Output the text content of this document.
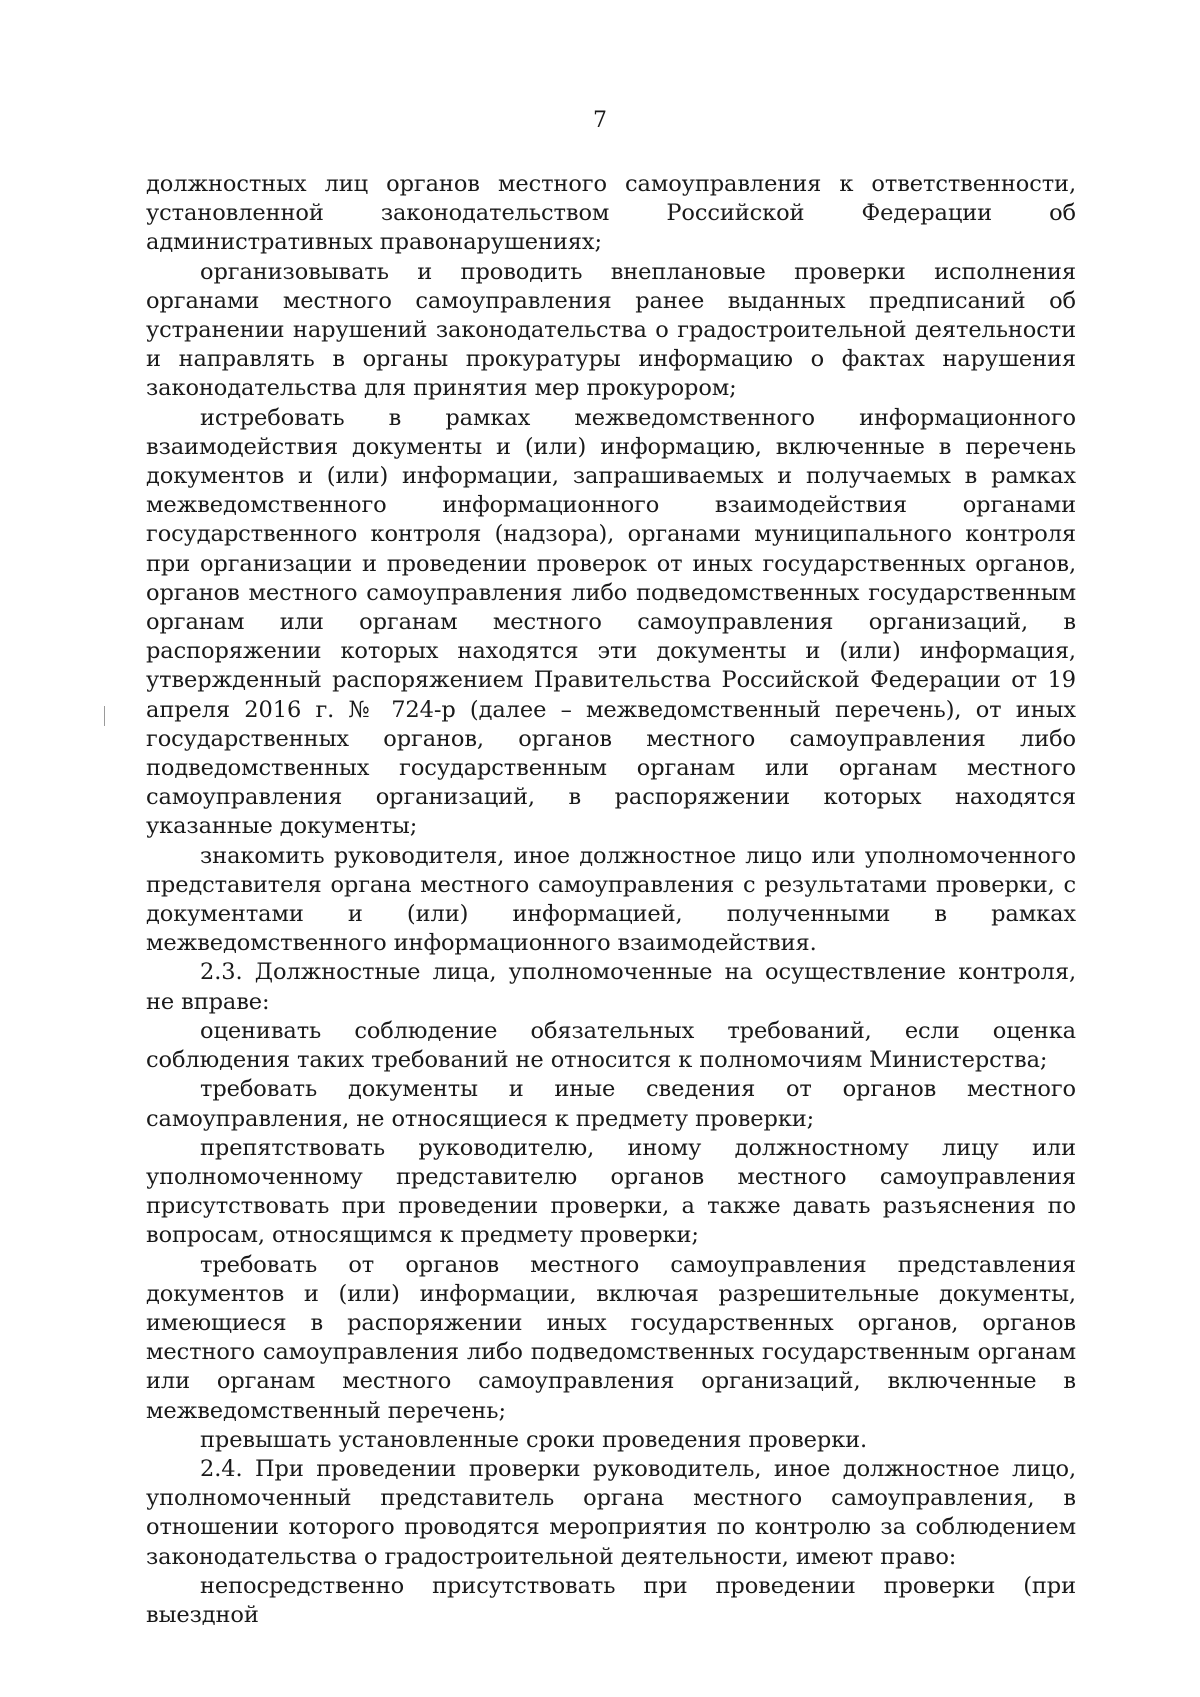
7

должностных лиц органов местного самоуправления к ответственности, установленной законодательством Российской Федерации об административных правонарушениях;

организовывать и проводить внеплановые проверки исполнения органами местного самоуправления ранее выданных предписаний об устранении нарушений законодательства о градостроительной деятельности и направлять в органы прокуратуры информацию о фактах нарушения законодательства для принятия мер прокурором;

истребовать в рамках межведомственного информационного взаимодействия документы и (или) информацию, включенные в перечень документов и (или) информации, запрашиваемых и получаемых в рамках межведомственного информационного взаимодействия органами государственного контроля (надзора), органами муниципального контроля при организации и проведении проверок от иных государственных органов, органов местного самоуправления либо подведомственных государственным органам или органам местного самоуправления организаций, в распоряжении которых находятся эти документы и (или) информация, утвержденный распоряжением Правительства Российской Федерации от 19 апреля 2016 г. № 724-р (далее – межведомственный перечень), от иных государственных органов, органов местного самоуправления либо подведомственных государственным органам или органам местного самоуправления организаций, в распоряжении которых находятся указанные документы;

знакомить руководителя, иное должностное лицо или уполномоченного представителя органа местного самоуправления с результатами проверки, с документами и (или) информацией, полученными в рамках межведомственного информационного взаимодействия.

2.3. Должностные лица, уполномоченные на осуществление контроля, не вправе:

оценивать соблюдение обязательных требований, если оценка соблюдения таких требований не относится к полномочиям Министерства;

требовать документы и иные сведения от органов местного самоуправления, не относящиеся к предмету проверки;

препятствовать руководителю, иному должностному лицу или уполномоченному представителю органов местного самоуправления присутствовать при проведении проверки, а также давать разъяснения по вопросам, относящимся к предмету проверки;

требовать от органов местного самоуправления представления документов и (или) информации, включая разрешительные документы, имеющиеся в распоряжении иных государственных органов, органов местного самоуправления либо подведомственных государственным органам или органам местного самоуправления организаций, включенные в межведомственный перечень;

превышать установленные сроки проведения проверки.

2.4. При проведении проверки руководитель, иное должностное лицо, уполномоченный представитель органа местного самоуправления, в отношении которого проводятся мероприятия по контролю за соблюдением законодательства о градостроительной деятельности, имеют право:

непосредственно присутствовать при проведении проверки (при выездной
